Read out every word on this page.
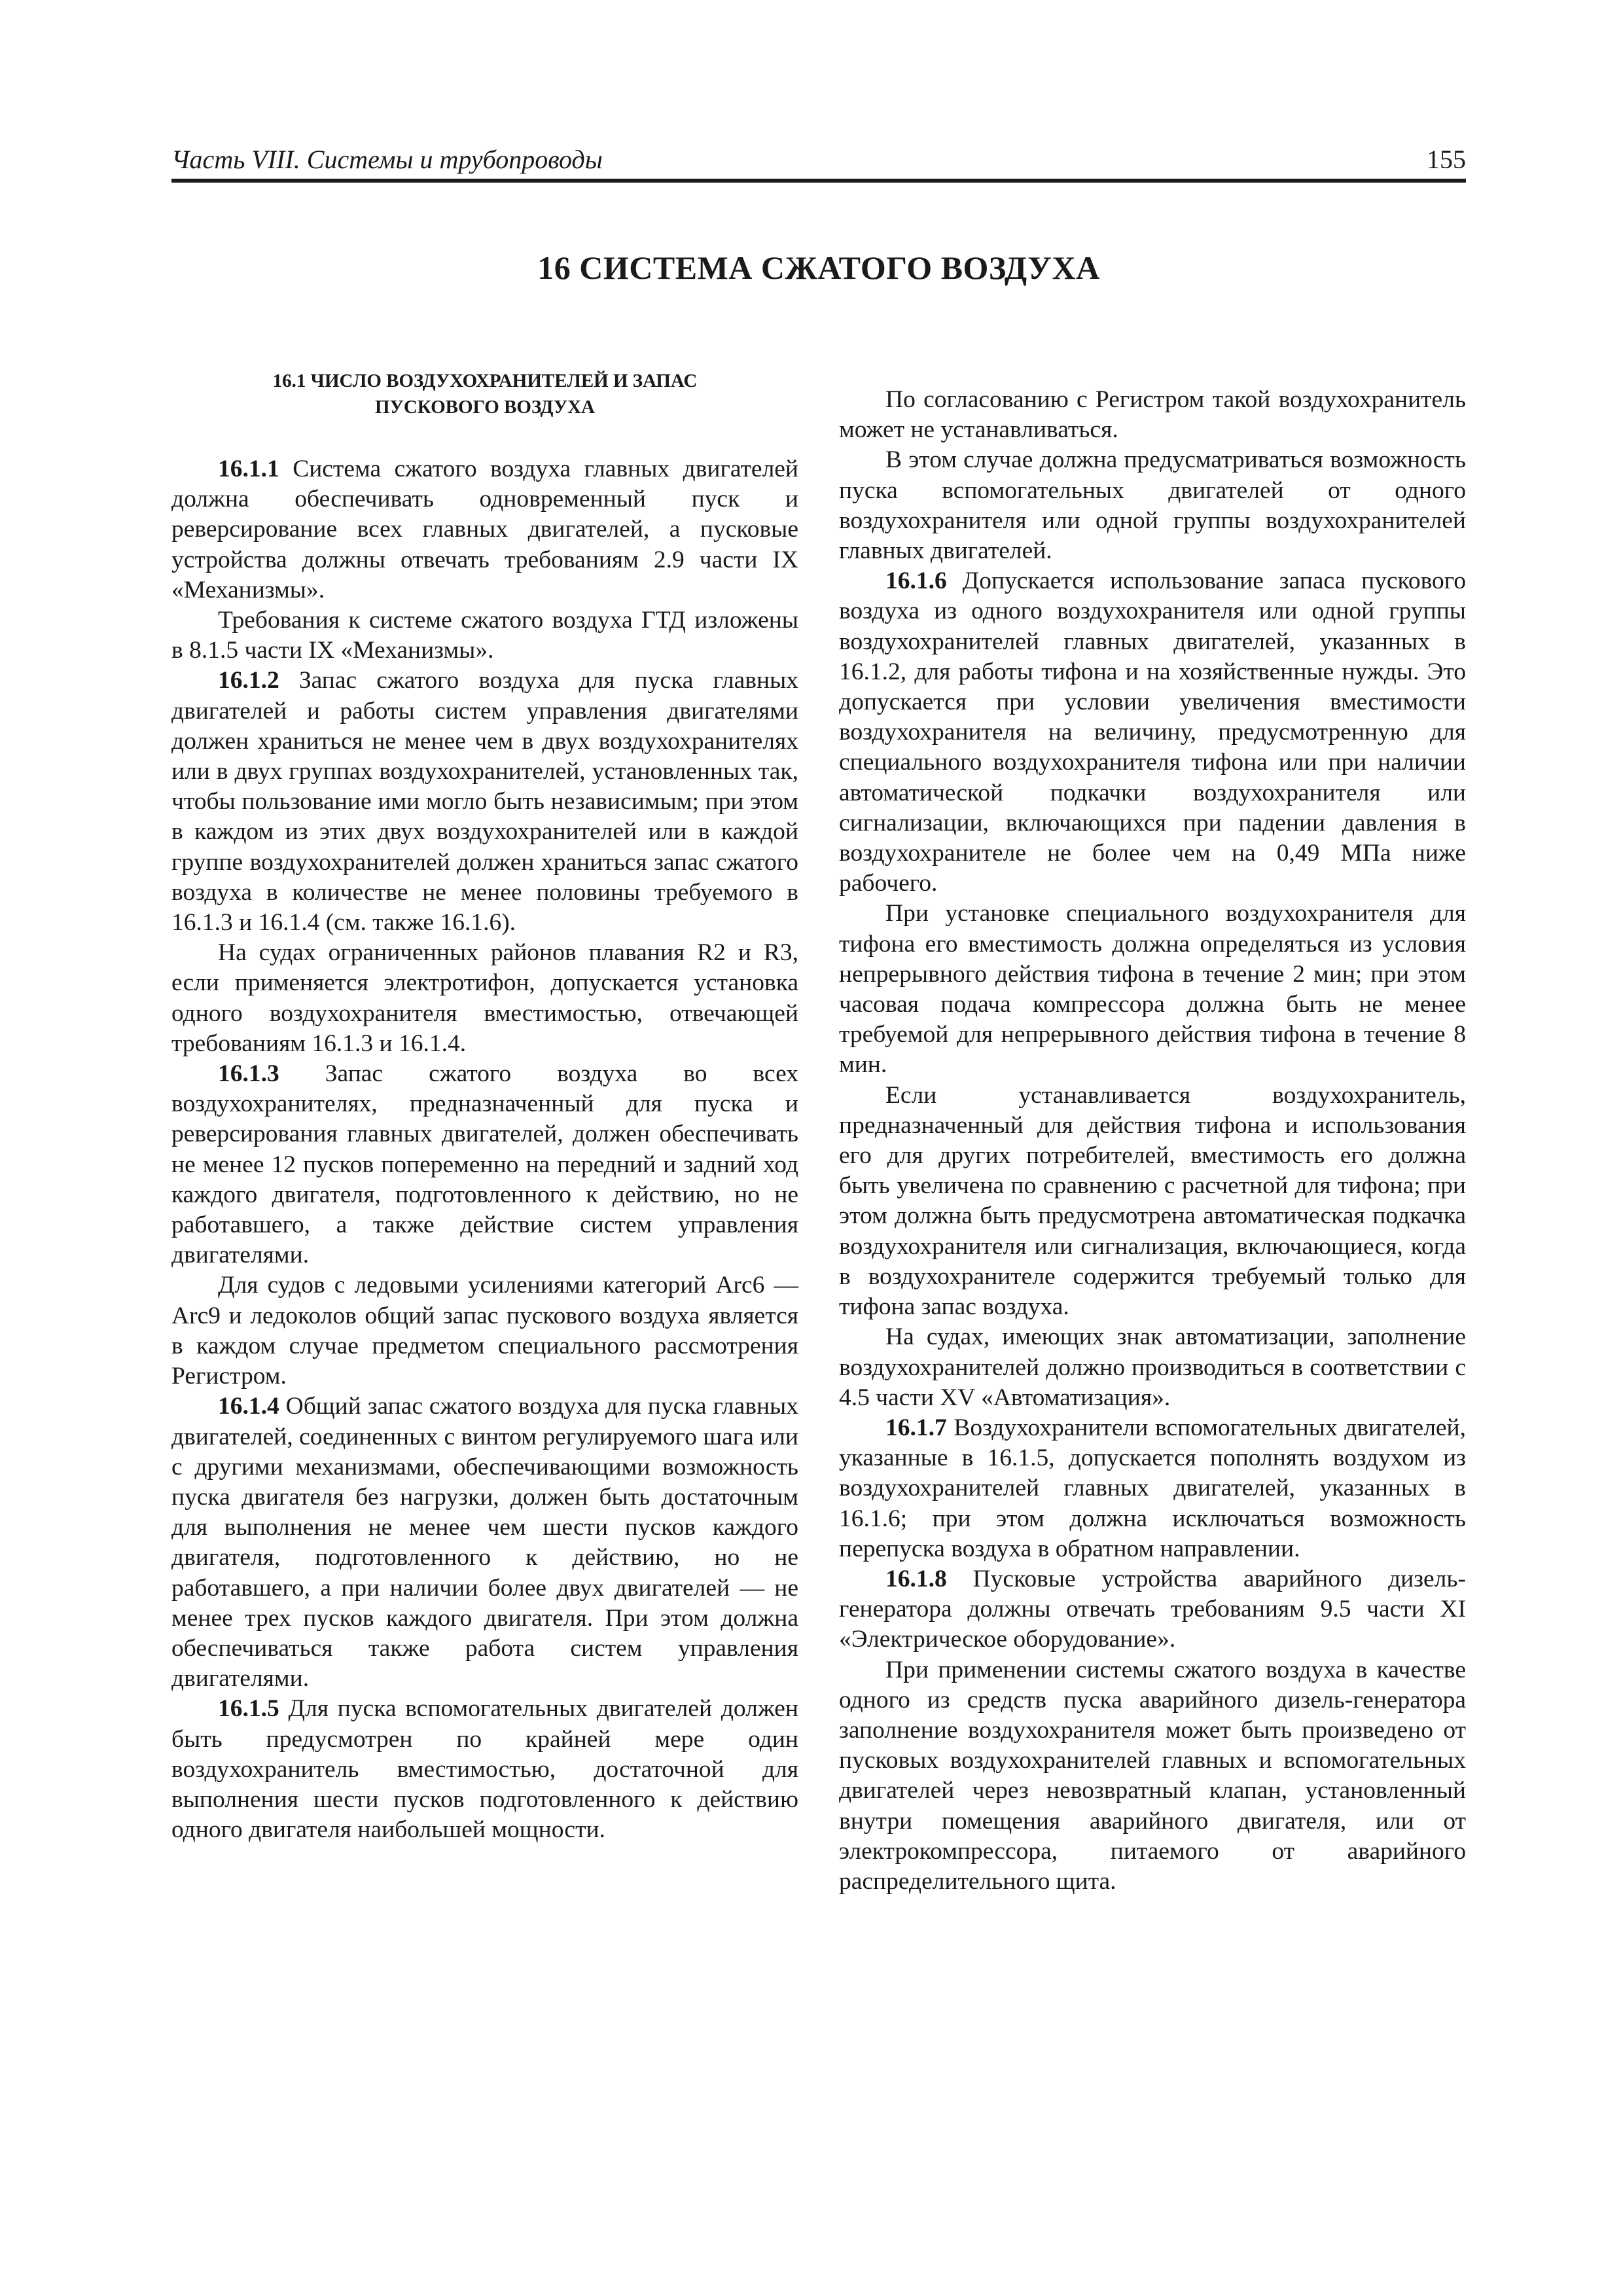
Часть VIII. Системы и трубопроводы	155
16 СИСТЕМА СЖАТОГО ВОЗДУХА
16.1 ЧИСЛО ВОЗДУХОХРАНИТЕЛЕЙ И ЗАПАС
ПУСКОВОГО ВОЗДУХА

16.1.1 Система сжатого воздуха главных двигателей должна обеспечивать одновременный пуск и реверсирование всех главных двигателей, а пусковые устройства должны отвечать требованиям 2.9 части IX «Механизмы».

Требования к системе сжатого воздуха ГТД изложены в 8.1.5 части IX «Механизмы».

16.1.2 Запас сжатого воздуха для пуска главных двигателей и работы систем управления двигателями должен храниться не менее чем в двух воздухохранителях или в двух группах воздухохранителей, установленных так, чтобы пользование ими могло быть независимым; при этом в каждом из этих двух воздухохранителей или в каждой группе воздухохранителей должен храниться запас сжатого воздуха в количестве не менее половины требуемого в 16.1.3 и 16.1.4 (см. также 16.1.6).

На судах ограниченных районов плавания R2 и R3, если применяется электротифон, допускается установка одного воздухохранителя вместимостью, отвечающей требованиям 16.1.3 и 16.1.4.

16.1.3 Запас сжатого воздуха во всех воздухохранителях, предназначенный для пуска и реверсирования главных двигателей, должен обеспечивать не менее 12 пусков попеременно на передний и задний ход каждого двигателя, подготовленного к действию, но не работавшего, а также действие систем управления двигателями.

Для судов с ледовыми усилениями категорий Arc6 — Arc9 и ледоколов общий запас пускового воздуха является в каждом случае предметом специального рассмотрения Регистром.

16.1.4 Общий запас сжатого воздуха для пуска главных двигателей, соединенных с винтом регулируемого шага или с другими механизмами, обеспечивающими возможность пуска двигателя без нагрузки, должен быть достаточным для выполнения не менее чем шести пусков каждого двигателя, подготовленного к действию, но не работавшего, а при наличии более двух двигателей — не менее трех пусков каждого двигателя. При этом должна обеспечиваться также работа систем управления двигателями.

16.1.5 Для пуска вспомогательных двигателей должен быть предусмотрен по крайней мере один воздухохранитель вместимостью, достаточной для выполнения шести пусков подготовленного к действию одного двигателя наибольшей мощности.

По согласованию с Регистром такой воздухохранитель может не устанавливаться.

В этом случае должна предусматриваться возможность пуска вспомогательных двигателей от одного воздухохранителя или одной группы воздухохранителей главных двигателей.

16.1.6 Допускается использование запаса пускового воздуха из одного воздухохранителя или одной группы воздухохранителей главных двигателей, указанных в 16.1.2, для работы тифона и на хозяйственные нужды. Это допускается при условии увеличения вместимости воздухохранителя на величину, предусмотренную для специального воздухохранителя тифона или при наличии автоматической подкачки воздухохранителя или сигнализации, включающихся при падении давления в воздухохранителе не более чем на 0,49 МПа ниже рабочего.

При установке специального воздухохранителя для тифона его вместимость должна определяться из условия непрерывного действия тифона в течение 2 мин; при этом часовая подача компрессора должна быть не менее требуемой для непрерывного действия тифона в течение 8 мин.

Если устанавливается воздухохранитель, предназначенный для действия тифона и использования его для других потребителей, вместимость его должна быть увеличена по сравнению с расчетной для тифона; при этом должна быть предусмотрена автоматическая подкачка воздухохранителя или сигнализация, включающиеся, когда в воздухохранителе содержится требуемый только для тифона запас воздуха.

На судах, имеющих знак автоматизации, заполнение воздухохранителей должно производиться в соответствии с 4.5 части XV «Автоматизация».

16.1.7 Воздухохранители вспомогательных двигателей, указанные в 16.1.5, допускается пополнять воздухом из воздухохранителей главных двигателей, указанных в 16.1.6; при этом должна исключаться возможность перепуска воздуха в обратном направлении.

16.1.8 Пусковые устройства аварийного дизель-генератора должны отвечать требованиям 9.5 части XI «Электрическое оборудование».

При применении системы сжатого воздуха в качестве одного из средств пуска аварийного дизель-генератора заполнение воздухохранителя может быть произведено от пусковых воздухохранителей главных и вспомогательных двигателей через невозвратный клапан, установленный внутри помещения аварийного двигателя, или от электрокомпрессора, питаемого от аварийного распределительного щита.
